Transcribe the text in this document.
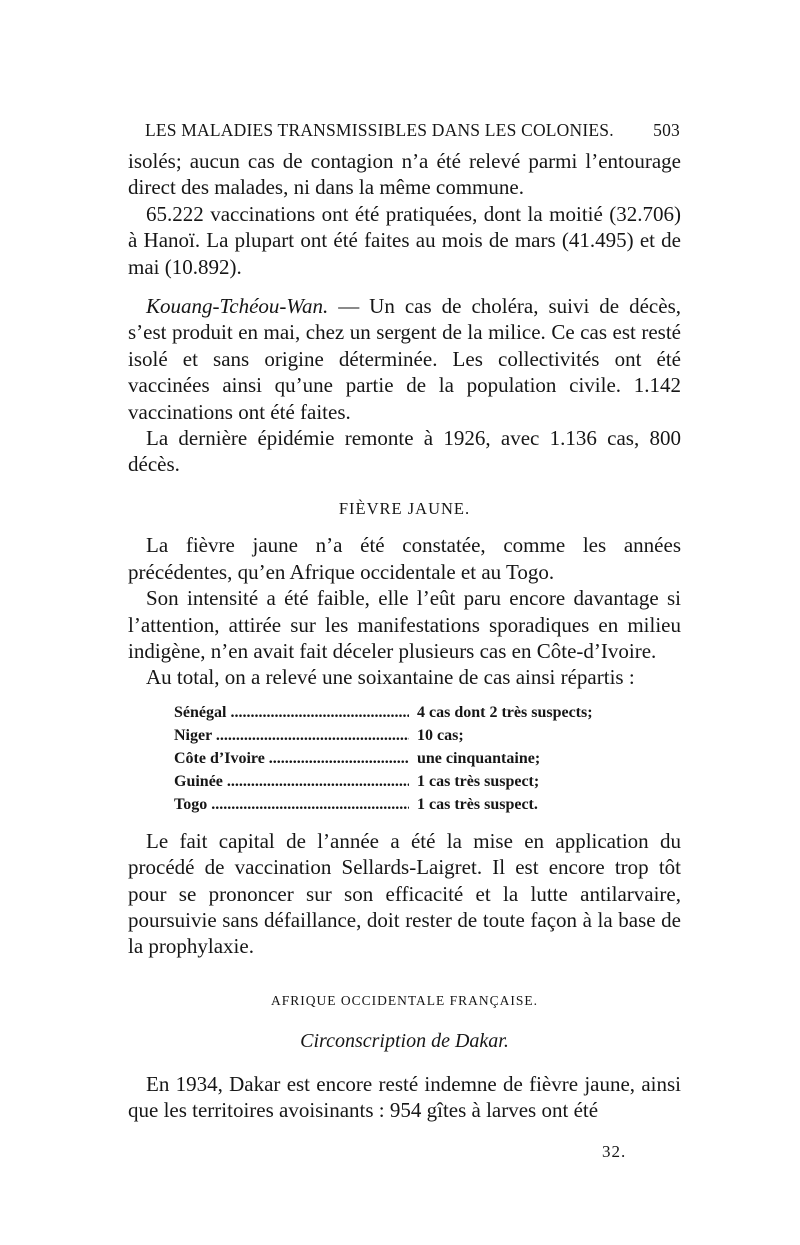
LES MALADIES TRANSMISSIBLES DANS LES COLONIES. 503

isolés; aucun cas de contagion n’a été relevé parmi l’entourage direct des malades, ni dans la même commune.

65.222 vaccinations ont été pratiquées, dont la moitié (32.706) à Hanoï. La plupart ont été faites au mois de mars (41.495) et de mai (10.892).

Kouang-Tchéou-Wan. — Un cas de choléra, suivi de décès, s’est produit en mai, chez un sergent de la milice. Ce cas est resté isolé et sans origine déterminée. Les collectivités ont été vaccinées ainsi qu’une partie de la population civile. 1.142 vaccinations ont été faites.

La dernière épidémie remonte à 1926, avec 1.136 cas, 800 décès.

FIÈVRE JAUNE.

La fièvre jaune n’a été constatée, comme les années précédentes, qu’en Afrique occidentale et au Togo.

Son intensité a été faible, elle l’eût paru encore davantage si l’attention, attirée sur les manifestations sporadiques en milieu indigène, n’en avait fait déceler plusieurs cas en Côte-d’Ivoire.

Au total, on a relevé une soixantaine de cas ainsi répartis :

Sénégal .....	4 cas dont 2 très suspects;
Niger .....	10 cas;
Côte d’Ivoire .....	une cinquantaine;
Guinée .....	1 cas très suspect;
Togo .....	1 cas très suspect.

Le fait capital de l’année a été la mise en application du procédé de vaccination Sellards-Laigret. Il est encore trop tôt pour se prononcer sur son efficacité et la lutte antilarvaire, poursuivie sans défaillance, doit rester de toute façon à la base de la prophylaxie.

AFRIQUE OCCIDENTALE FRANÇAISE.
Circonscription de Dakar.

En 1934, Dakar est encore resté indemne de fièvre jaune, ainsi que les territoires avoisinants : 954 gîtes à larves ont été

32.
